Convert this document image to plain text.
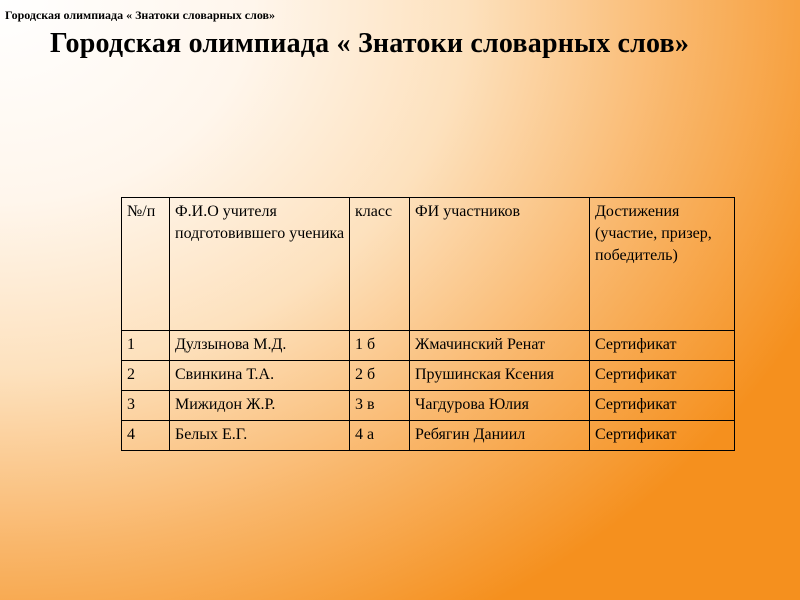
Городская олимпиада « Знатоки словарных слов»
Городская олимпиада « Знатоки словарных слов»
№/п	Ф.И.О учителя подготовившего ученика	класс	ФИ участников	Достижения (участие, призер, победитель)
1	Дулзынова М.Д.	1 б	Жмачинский Ренат	Сертификат
2	Свинкина Т.А.	2 б	Прушинская Ксения	Сертификат
3	Мижидон Ж.Р.	3 в	Чагдурова Юлия	Сертификат
4	Белых Е.Г.	4 а	Ребягин Даниил	Сертификат
